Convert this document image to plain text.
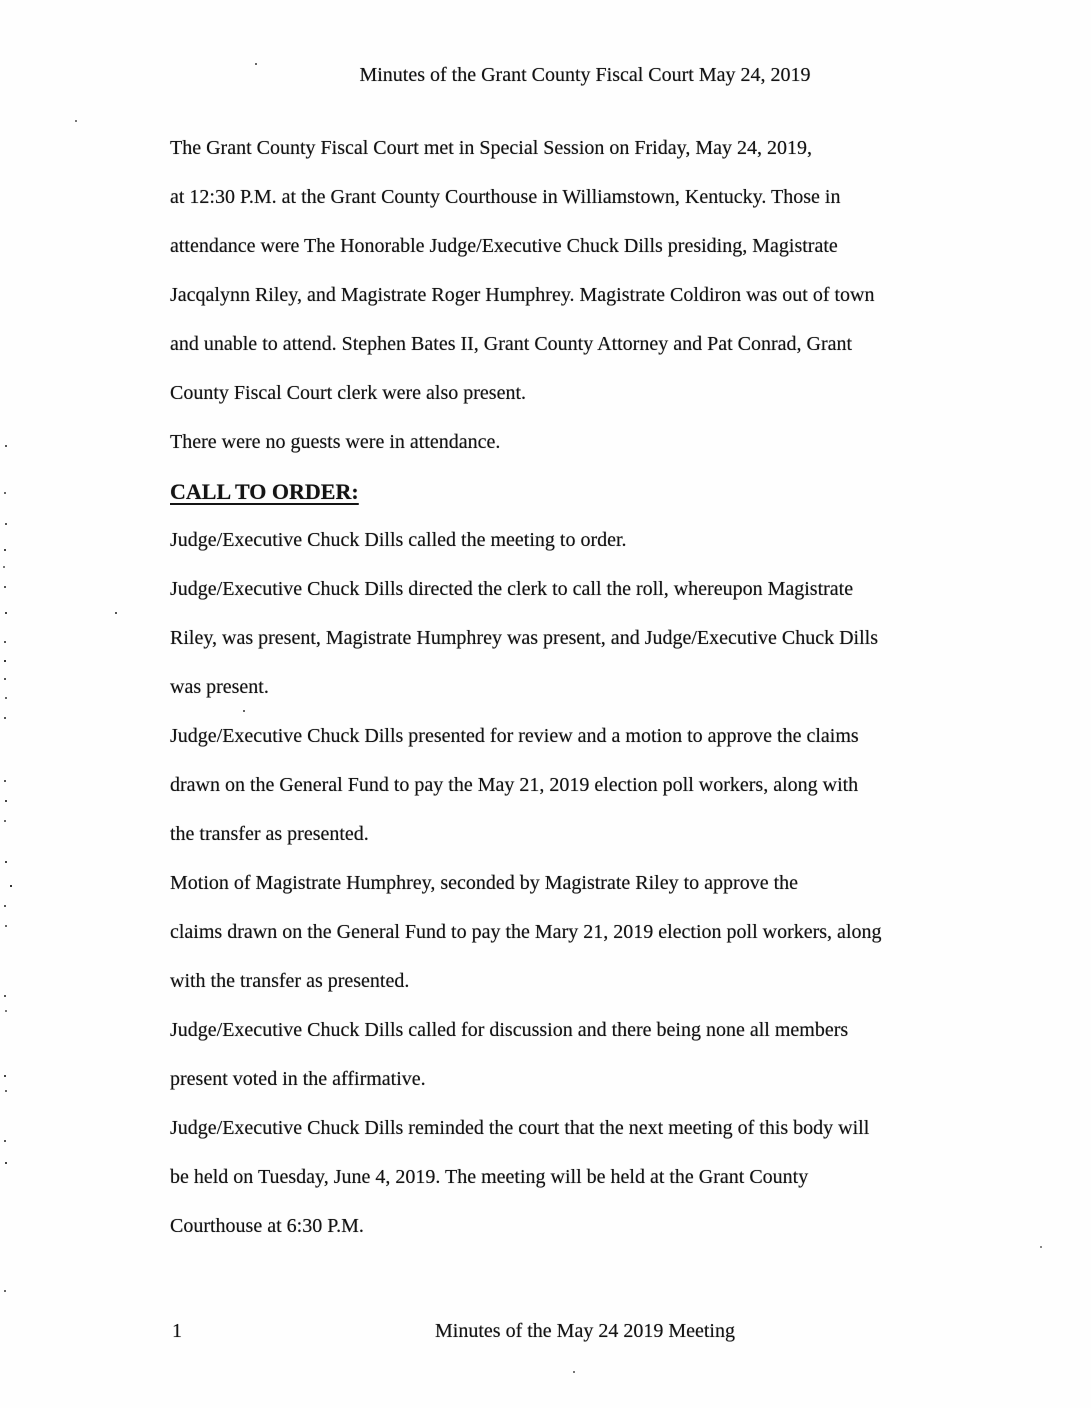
Minutes of the Grant County Fiscal Court May 24, 2019
The Grant County Fiscal Court met in Special Session on Friday, May 24, 2019,
at 12:30 P.M. at the Grant County Courthouse in Williamstown, Kentucky. Those in
attendance were The Honorable Judge/Executive Chuck Dills presiding, Magistrate
Jacqalynn Riley, and Magistrate Roger Humphrey. Magistrate Coldiron was out of town
and unable to attend. Stephen Bates II, Grant County Attorney and Pat Conrad, Grant
County Fiscal Court clerk were also present.
There were no guests were in attendance.
CALL TO ORDER:
Judge/Executive Chuck Dills called the meeting to order.
Judge/Executive Chuck Dills directed the clerk to call the roll, whereupon Magistrate
Riley, was present, Magistrate Humphrey was present, and Judge/Executive Chuck Dills
was present.
Judge/Executive Chuck Dills presented for review and a motion to approve the claims
drawn on the General Fund to pay the May 21, 2019 election poll workers, along with
the transfer as presented.
Motion of Magistrate Humphrey, seconded by Magistrate Riley to approve the
claims drawn on the General Fund to pay the Mary 21, 2019 election poll workers, along
with the transfer as presented.
Judge/Executive Chuck Dills called for discussion and there being none all members
present voted in the affirmative.
Judge/Executive Chuck Dills reminded the court that the next meeting of this body will
be held on Tuesday, June 4, 2019. The meeting will be held at the Grant County
Courthouse at 6:30 P.M.
1	Minutes of the May 24 2019 Meeting
